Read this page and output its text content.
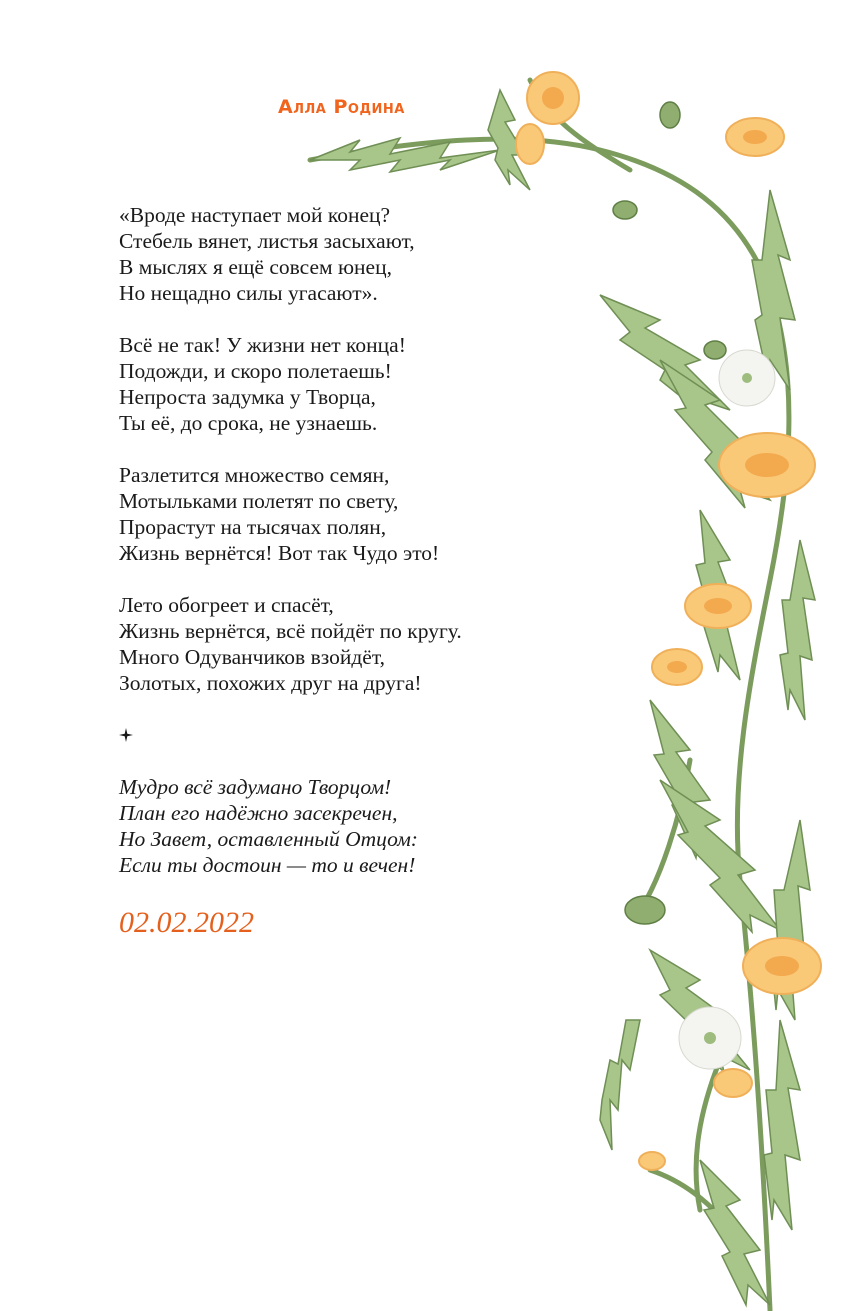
Алла Родина
«Вроде наступает мой конец?
Стебель вянет, листья засыхают,
В мыслях я ещё совсем юнец,
Но нещадно силы угасают».
Всё не так! У жизни нет конца!
Подожди, и скоро полетаешь!
Непроста задумка у Творца,
Ты её, до срока, не узнаешь.
Разлетится множество семян,
Мотыльками полетят по свету,
Прорастут на тысячах полян,
Жизнь вернётся! Вот так Чудо это!
Лето обогреет и спасёт,
Жизнь вернётся, всё пойдёт по кругу.
Много Одуванчиков взойдёт,
Золотых, похожих друг на друга!
Мудро всё задумано Творцом!
План его надёжно засекречен,
Но Завет, оставленный Отцом:
Если ты достоин — то и вечен!
02.02.2022
